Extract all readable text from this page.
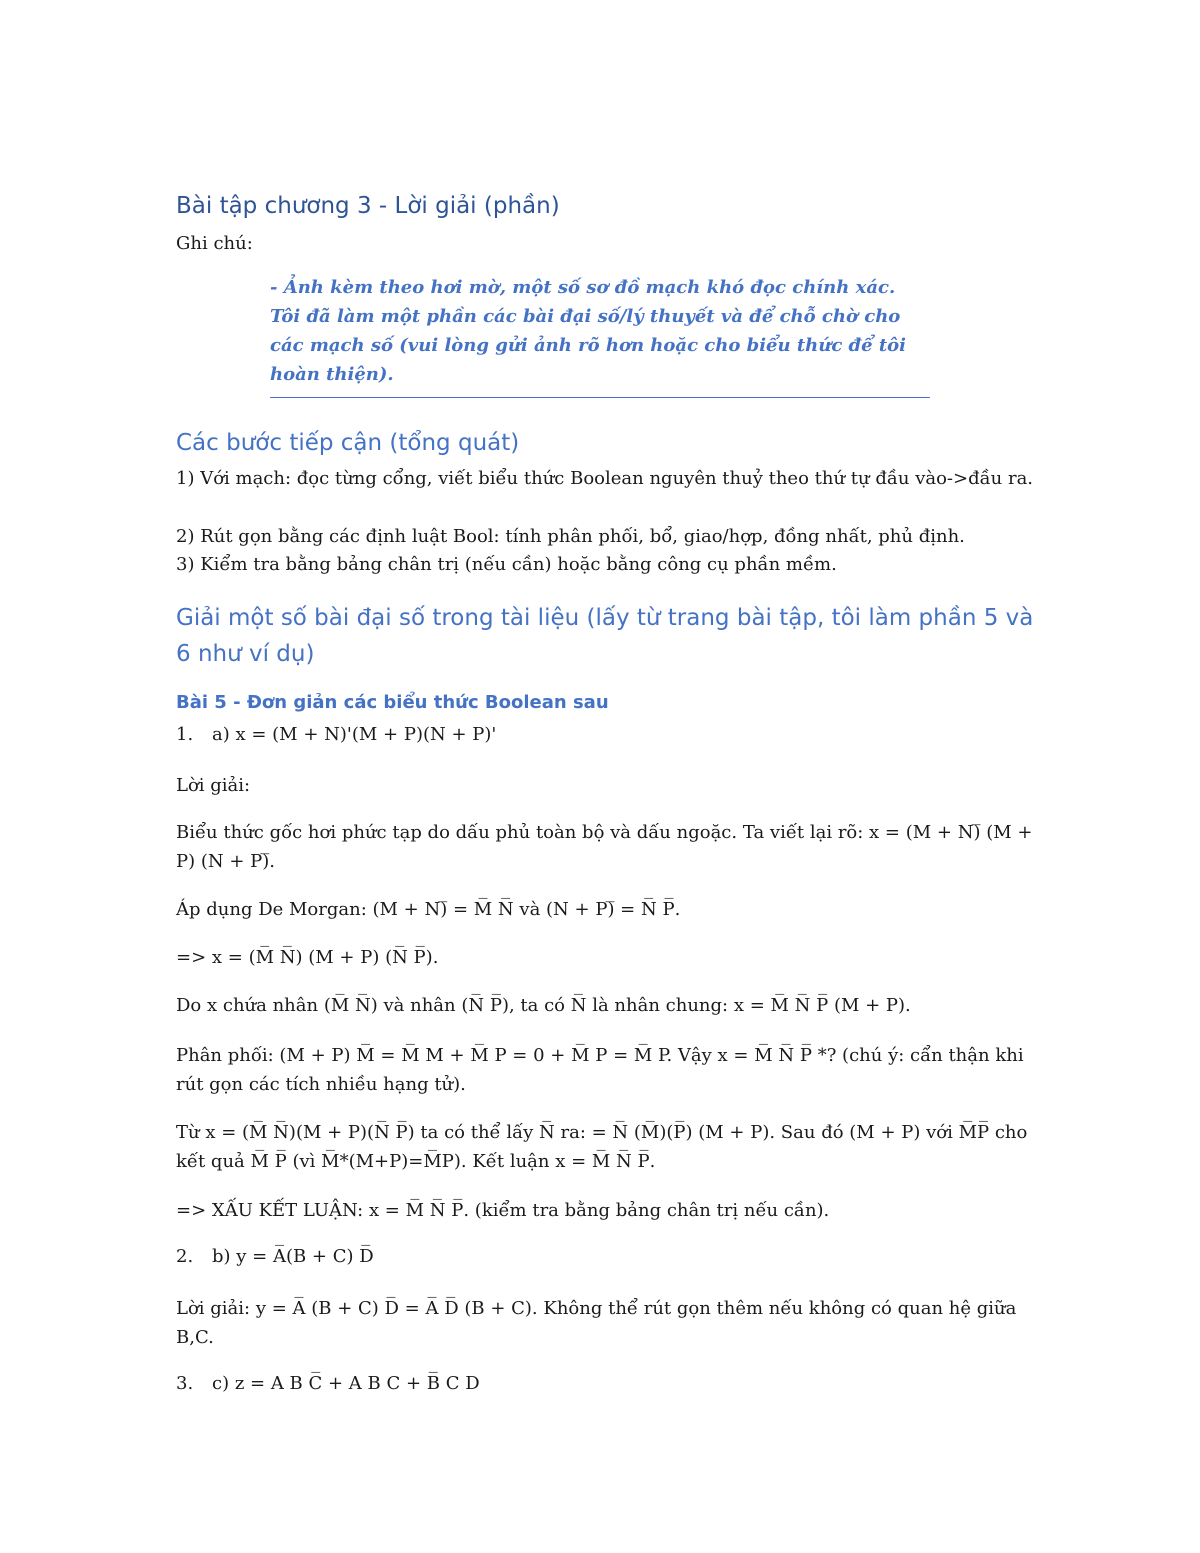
Bài tập chương 3 - Lời giải (phần)
Ghi chú:
- Ảnh kèm theo hơi mờ, một số sơ đồ mạch khó đọc chính xác. Tôi đã làm một phần các bài đại số/lý thuyết và để chỗ chờ cho các mạch số (vui lòng gửi ảnh rõ hơn hoặc cho biểu thức để tôi hoàn thiện).
Các bước tiếp cận (tổng quát)
1) Với mạch: đọc từng cổng, viết biểu thức Boolean nguyên thuỷ theo thứ tự đầu vào->đầu ra.
2) Rút gọn bằng các định luật Bool: tính phân phối, bổ, giao/hợp, đồng nhất, phủ định.
3) Kiểm tra bằng bảng chân trị (nếu cần) hoặc bằng công cụ phần mềm.
Giải một số bài đại số trong tài liệu (lấy từ trang bài tập, tôi làm phần 5 và 6 như ví dụ)
Bài 5 - Đơn giản các biểu thức Boolean sau
1. a) x = (M + N)'(M + P)(N + P)'
Lời giải:
Biểu thức gốc hơi phức tạp do dấu phủ toàn bộ và dấu ngoặc. Ta viết lại rõ: x = (M + N)̅ (M + P) (N + P)̅.
Áp dụng De Morgan: (M + N)̅ = M̅ N̅ và (N + P)̅ = N̅ P̅.
=> x = (M̅ N̅) (M + P) (N̅ P̅).
Do x chứa nhân (M̅ N̅) và nhân (N̅ P̅), ta có N̅ là nhân chung: x = M̅ N̅ P̅ (M + P).
Phân phối: (M + P) M̅ = M̅ M + M̅ P = 0 + M̅ P = M̅ P. Vậy x = M̅ N̅ P̅ *? (chú ý: cẩn thận khi rút gọn các tích nhiều hạng tử).
Từ x = (M̅ N̅)(M + P)(N̅ P̅) ta có thể lấy N̅ ra: = N̅ (M̅)(P̅) (M + P). Sau đó (M + P) với M̅P̅ cho kết quả M̅ P̅ (vì M̅*(M+P)=M̅P). Kết luận x = M̅ N̅ P̅.
=> XẤU KẾT LUẬN: x = M̅ N̅ P̅. (kiểm tra bằng bảng chân trị nếu cần).
2. b) y = A̅(B + C) D̅
Lời giải: y = A̅ (B + C) D̅ = A̅ D̅ (B + C). Không thể rút gọn thêm nếu không có quan hệ giữa B,C.
3. c) z = A B C̅ + A B C + B̅ C D
